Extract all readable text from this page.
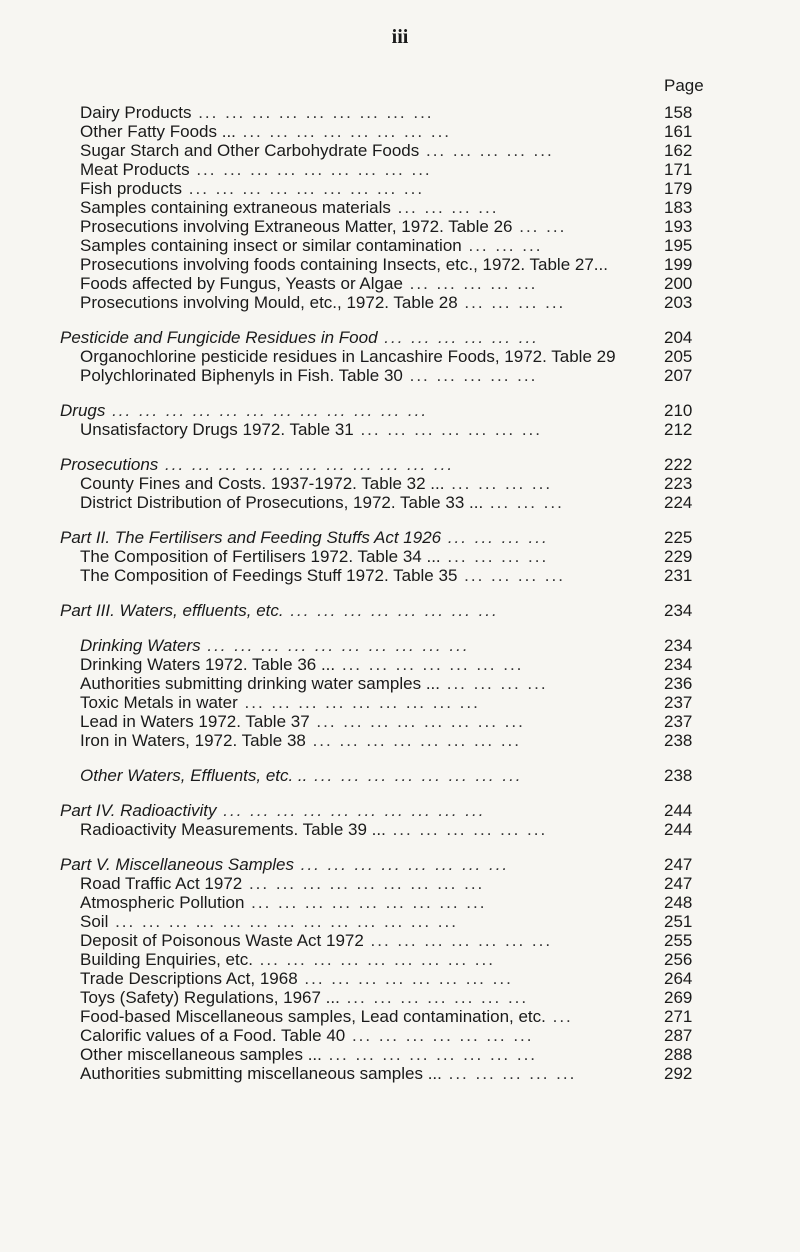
iii
Page
Dairy Products ... ... ... ... ... ... ... ... ...	158
Other Fatty Foods ... ... ... ... ... ... ... ... ...	161
Sugar Starch and Other Carbohydrate Foods ... ... ... ... ...	162
Meat Products ... ... ... ... ... ... ... ... ...	171
Fish products ... ... ... ... ... ... ... ... ...	179
Samples containing extraneous materials ... ... ... ...	183
Prosecutions involving Extraneous Matter, 1972. Table 26 ... ...	193
Samples containing insect or similar contamination ... ... ...	195
Prosecutions involving foods containing Insects, etc., 1972. Table 27...	199
Foods affected by Fungus, Yeasts or Algae ... ... ... ... ...	200
Prosecutions involving Mould, etc., 1972. Table 28 ... ... ... ...	203
Pesticide and Fungicide Residues in Food ... ... ... ... ... ...	204
Organochlorine pesticide residues in Lancashire Foods, 1972. Table 29	205
Polychlorinated Biphenyls in Fish. Table 30 ... ... ... ... ...	207
Drugs ... ... ... ... ... ... ... ... ... ... ... ...	210
Unsatisfactory Drugs 1972. Table 31 ... ... ... ... ... ... ...	212
Prosecutions ... ... ... ... ... ... ... ... ... ... ...	222
County Fines and Costs. 1937-1972. Table 32 ... ... ... ... ...	223
District Distribution of Prosecutions, 1972. Table 33 ... ... ... ...	224
Part II. The Fertilisers and Feeding Stuffs Act 1926 ... ... ... ...	225
The Composition of Fertilisers 1972. Table 34 ... ... ... ... ...	229
The Composition of Feedings Stuff 1972. Table 35 ... ... ... ...	231
Part III. Waters, effluents, etc. ... ... ... ... ... ... ... ...	234
Drinking Waters ... ... ... ... ... ... ... ... ... ...	234
Drinking Waters 1972. Table 36 ... ... ... ... ... ... ... ...	234
Authorities submitting drinking water samples ... ... ... ... ...	236
Toxic Metals in water ... ... ... ... ... ... ... ... ...	237
Lead in Waters 1972. Table 37 ... ... ... ... ... ... ... ...	237
Iron in Waters, 1972. Table 38 ... ... ... ... ... ... ... ...	238
Other Waters, Effluents, etc. .. ... ... ... ... ... ... ... ...	238
Part IV. Radioactivity ... ... ... ... ... ... ... ... ... ...	244
Radioactivity Measurements. Table 39 ... ... ... ... ... ... ...	244
Part V. Miscellaneous Samples ... ... ... ... ... ... ... ...	247
Road Traffic Act 1972 ... ... ... ... ... ... ... ... ...	247
Atmospheric Pollution ... ... ... ... ... ... ... ... ...	248
Soil ... ... ... ... ... ... ... ... ... ... ... ... ...	251
Deposit of Poisonous Waste Act 1972 ... ... ... ... ... ... ...	255
Building Enquiries, etc. ... ... ... ... ... ... ... ... ...	256
Trade Descriptions Act, 1968 ... ... ... ... ... ... ... ...	264
Toys (Safety) Regulations, 1967 ... ... ... ... ... ... ... ...	269
Food-based Miscellaneous samples, Lead contamination, etc. ...	271
Calorific values of a Food. Table 40 ... ... ... ... ... ... ...	287
Other miscellaneous samples ... ... ... ... ... ... ... ... ...	288
Authorities submitting miscellaneous samples ... ... ... ... ... ...	292
